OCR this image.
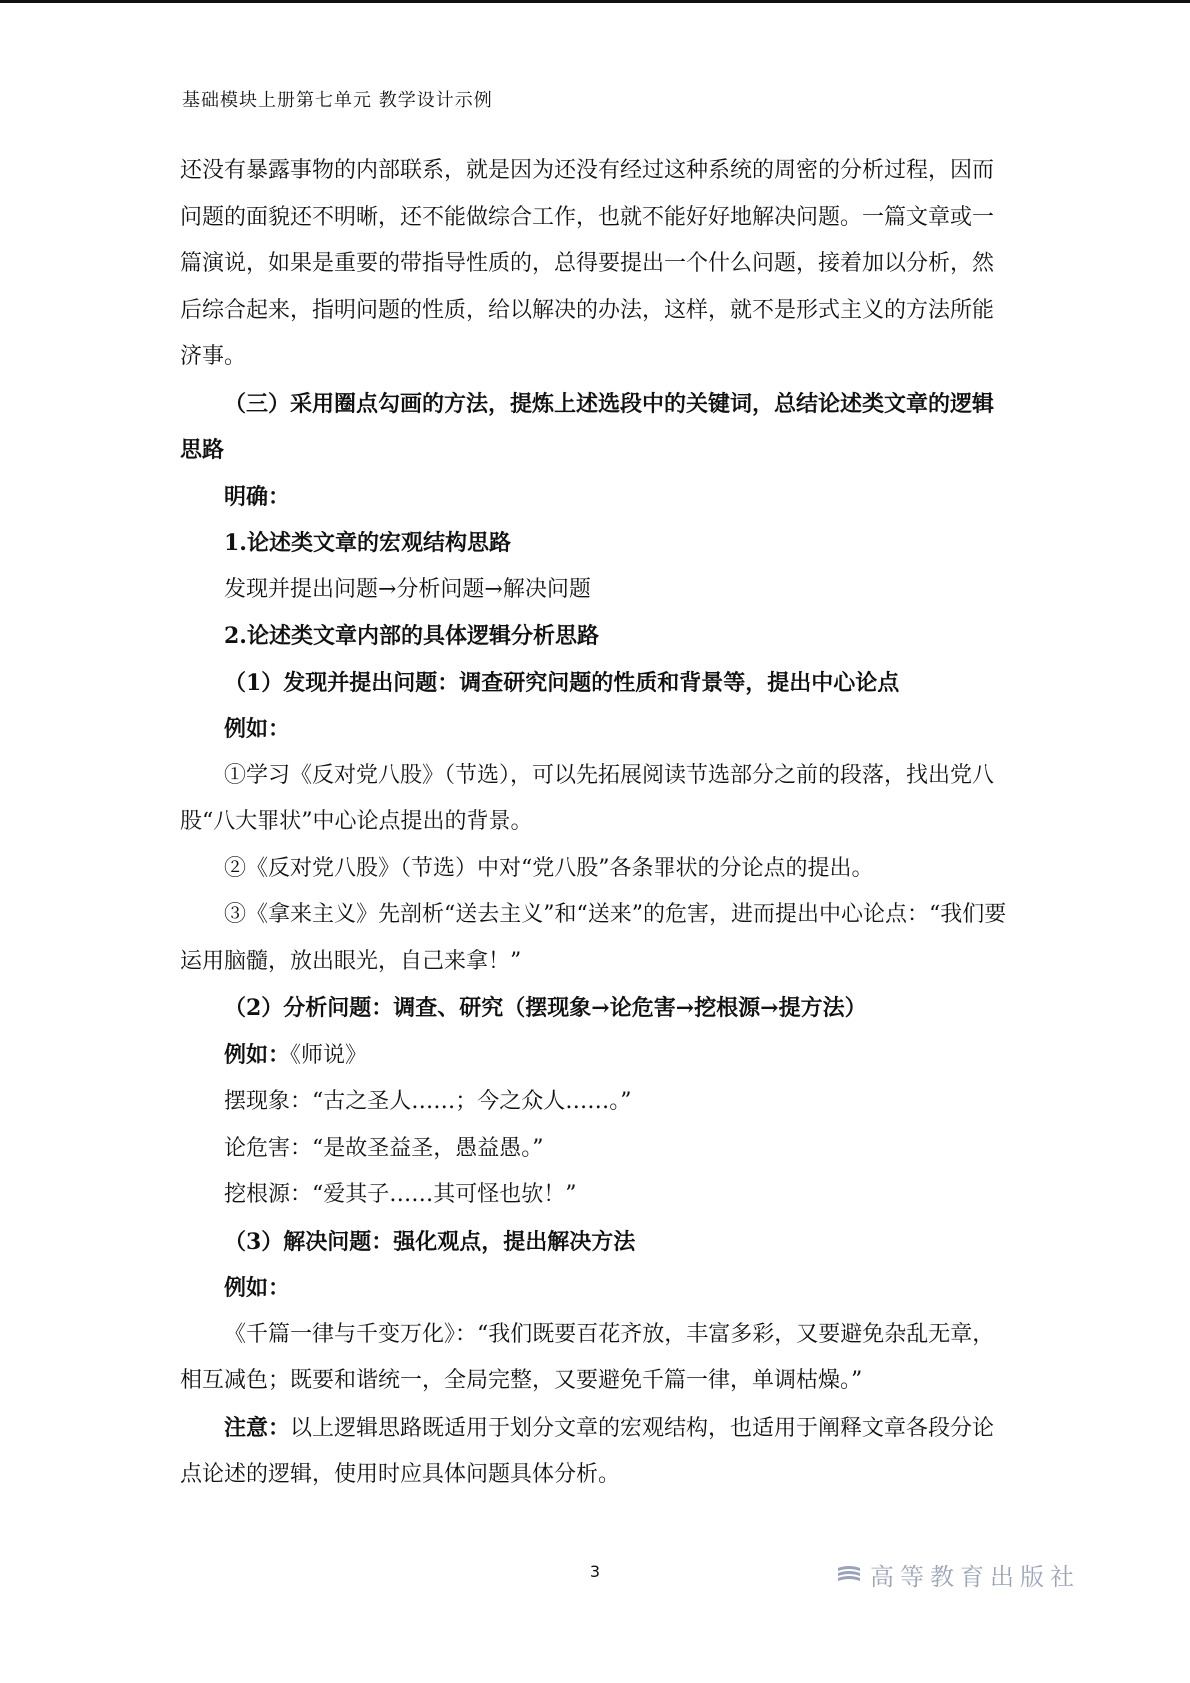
基础模块上册第七单元 教学设计示例

还没有暴露事物的内部联系，就是因为还没有经过这种系统的周密的分析过程，因而问题的面貌还不明晰，还不能做综合工作，也就不能好好地解决问题。一篇文章或一篇演说，如果是重要的带指导性质的，总得要提出一个什么问题，接着加以分析，然后综合起来，指明问题的性质，给以解决的办法，这样，就不是形式主义的方法所能济事。

（三）采用圈点勾画的方法，提炼上述选段中的关键词，总结论述类文章的逻辑思路

明确：

1.论述类文章的宏观结构思路

发现并提出问题→分析问题→解决问题

2.论述类文章内部的具体逻辑分析思路

（1）发现并提出问题：调查研究问题的性质和背景等，提出中心论点

例如：

①学习《反对党八股》（节选），可以先拓展阅读节选部分之前的段落，找出党八股“八大罪状”中心论点提出的背景。

②《反对党八股》（节选）中对“党八股”各条罪状的分论点的提出。

③《拿来主义》先剖析“送去主义”和“送来”的危害，进而提出中心论点：“我们要运用脑髓，放出眼光，自己来拿！”

（2）分析问题：调查、研究（摆现象→论危害→挖根源→提方法）

例如：《师说》

摆现象：“古之圣人……；今之众人……。”

论危害：“是故圣益圣，愚益愚。”

挖根源：“爱其子……其可怪也欤！”

（3）解决问题：强化观点，提出解决方法

例如：

《千篇一律与千变万化》：“我们既要百花齐放，丰富多彩，又要避免杂乱无章，相互减色；既要和谐统一，全局完整，又要避免千篇一律，单调枯燥。”

注意：以上逻辑思路既适用于划分文章的宏观结构，也适用于阐释文章各段分论点论述的逻辑，使用时应具体问题具体分析。

3	高等教育出版社
